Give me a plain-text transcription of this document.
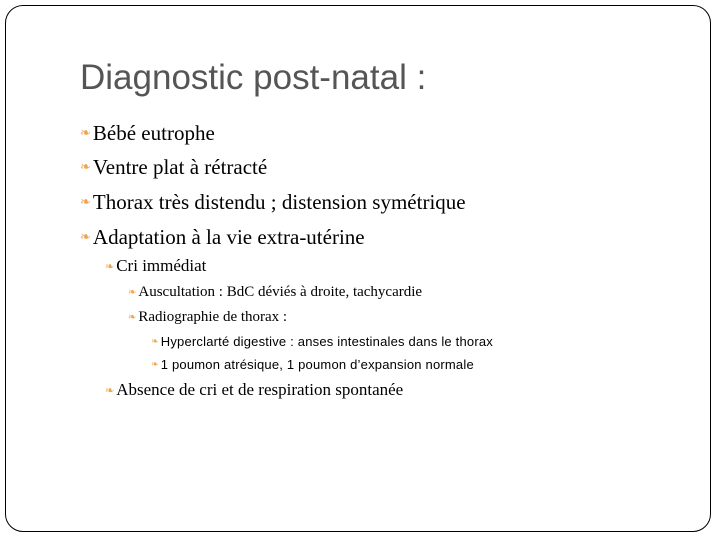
Diagnostic post-natal :
❧ Bébé eutrophe
❧ Ventre plat à rétracté
❧ Thorax très distendu ; distension symétrique
❧ Adaptation à la vie extra-utérine
❧ Cri immédiat
❧ Auscultation : BdC déviés à droite, tachycardie
❧ Radiographie de thorax :
❧ Hyperclarté digestive : anses intestinales dans le thorax
❧ 1 poumon atrésique, 1 poumon d’expansion normale
❧ Absence de cri et de respiration spontanée
